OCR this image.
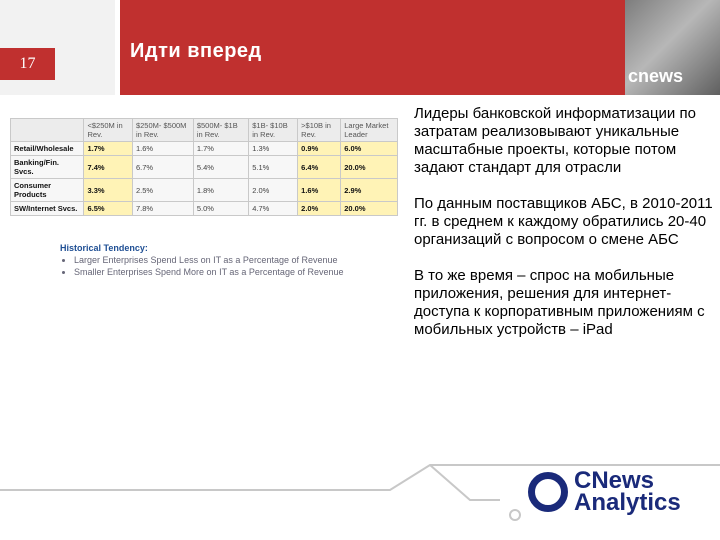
17
Идти вперед
cnews
	<$250M in Rev.	$250M- $500M in Rev.	$500M- $1B in Rev.	$1B- $10B in Rev.	>$10B in Rev.	Large Market Leader
Retail/Wholesale	1.7%	1.6%	1.7%	1.3%	0.9%	6.0%
Banking/Fin. Svcs.	7.4%	6.7%	5.4%	5.1%	6.4%	20.0%
Consumer Products	3.3%	2.5%	1.8%	2.0%	1.6%	2.9%
SW/Internet Svcs.	6.5%	7.8%	5.0%	4.7%	2.0%	20.0%
Historical Tendency:
• Larger Enterprises Spend Less on IT as a Percentage of Revenue
• Smaller Enterprises Spend More on IT as a Percentage of Revenue

Лидеры банковской информатизации по затратам реализовывают уникальные масштабные проекты, которые потом задают стандарт для отрасли

По данным поставщиков АБС, в 2010-2011 гг. в среднем к каждому обратились 20-40 организаций с вопросом о смене АБС

В то же время – спрос на мобильные приложения, решения для интернет-доступа к корпоративным приложениям с мобильных устройств – iPad

CNews
Analytics
